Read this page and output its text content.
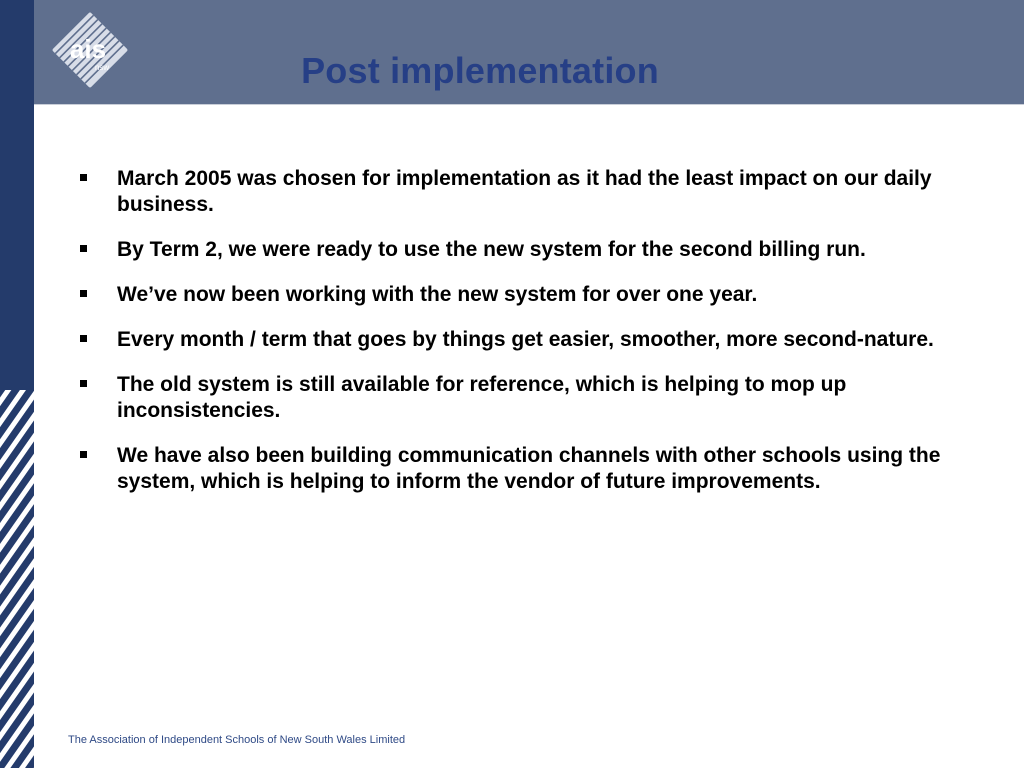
ais
nsw	Post implementation
March 2005 was chosen for implementation as it had the least impact on our daily business.
By Term 2, we were ready to use the new system for the second billing run.
We’ve now been working with the new system for over one year.
Every month / term that goes by things get easier, smoother, more second-nature.
The old system is still available for reference, which is helping to mop up inconsistencies.
We have also been building communication channels with other schools using the system, which is helping to inform the vendor of future improvements.
The Association of Independent Schools of New South Wales Limited
